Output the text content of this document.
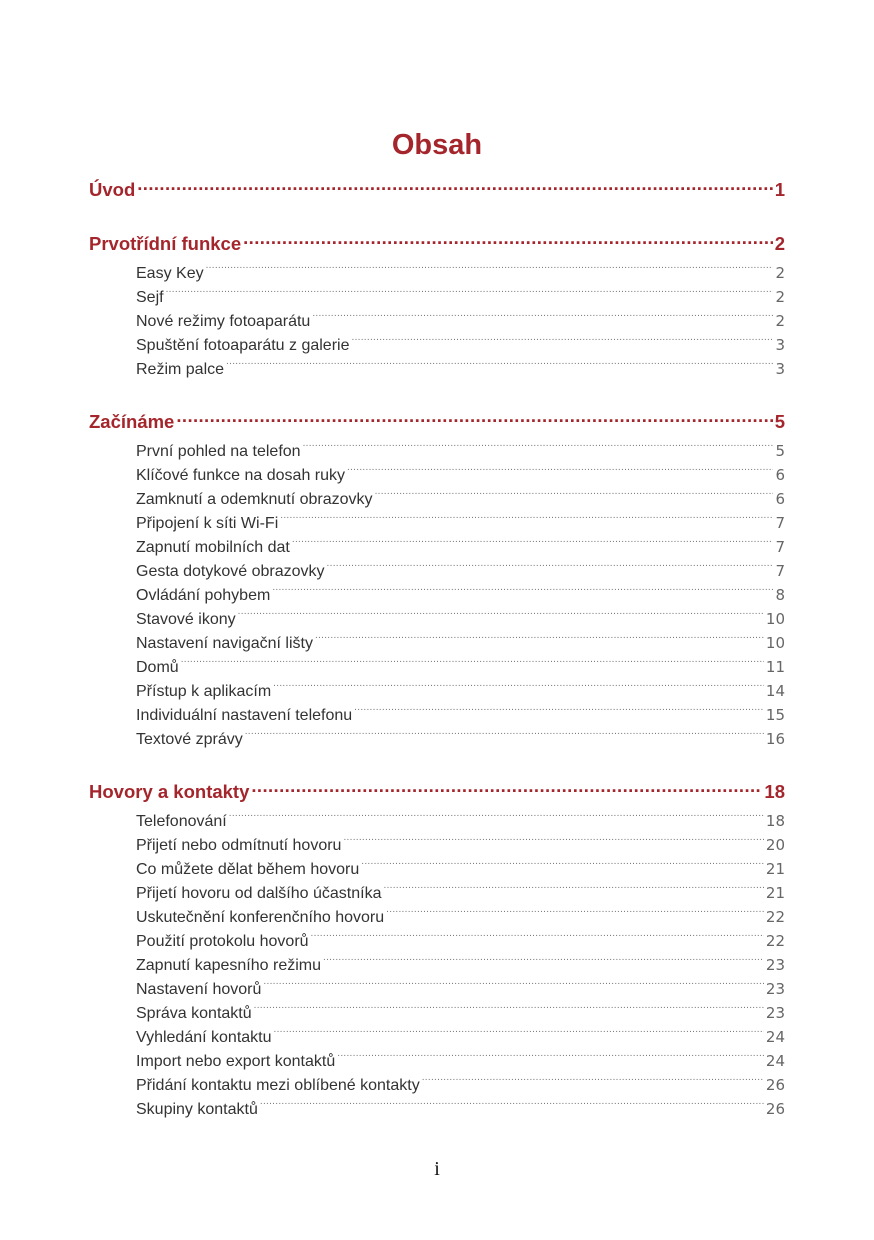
Obsah
Úvod .....	1
Prvotřídní funkce .....	2
Easy Key .....	2
Sejf .....	2
Nové režimy fotoaparátu .....	2
Spuštění fotoaparátu z galerie .....	3
Režim palce .....	3
Začínáme .....	5
První pohled na telefon .....	5
Klíčové funkce na dosah ruky .....	6
Zamknutí a odemknutí obrazovky .....	6
Připojení k síti Wi-Fi .....	7
Zapnutí mobilních dat .....	7
Gesta dotykové obrazovky .....	7
Ovládání pohybem .....	8
Stavové ikony .....	10
Nastavení navigační lišty .....	10
Domů .....	11
Přístup k aplikacím .....	14
Individuální nastavení telefonu .....	15
Textové zprávy .....	16
Hovory a kontakty .....	18
Telefonování .....	18
Přijetí nebo odmítnutí hovoru .....	20
Co můžete dělat během hovoru .....	21
Přijetí hovoru od dalšího účastníka .....	21
Uskutečnění konferenčního hovoru .....	22
Použití protokolu hovorů .....	22
Zapnutí kapesního režimu .....	23
Nastavení hovorů .....	23
Správa kontaktů .....	23
Vyhledání kontaktu .....	24
Import nebo export kontaktů .....	24
Přidání kontaktu mezi oblíbené kontakty .....	26
Skupiny kontaktů .....	26
i
